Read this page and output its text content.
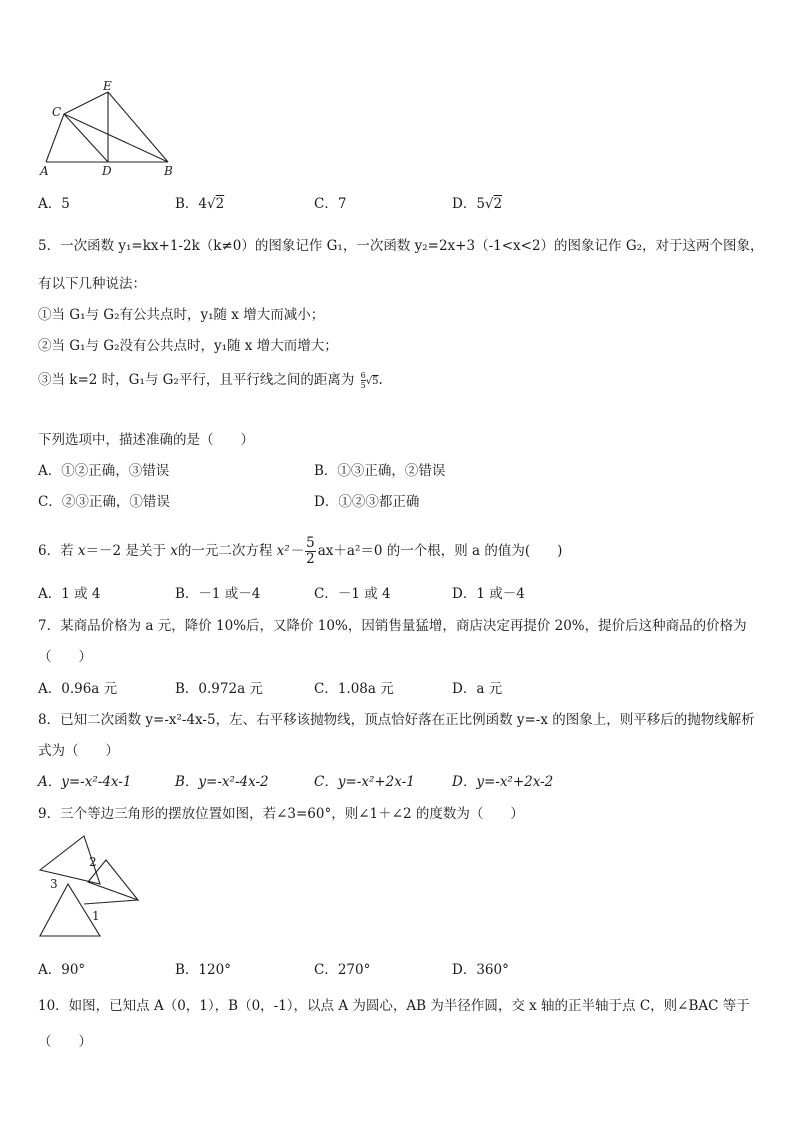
E
C
A	D	B
A．5	B．4√2	C．7	D．5√2
5．一次函数 y₁=kx+1-2k（k≠0）的图象记作 G₁，一次函数 y₂=2x+3（-1<x<2）的图象记作 G₂，对于这两个图象，
有以下几种说法：
①当 G₁与 G₂有公共点时，y₁随 x 增大而减小；
②当 G₁与 G₂没有公共点时，y₁随 x 增大而增大；
③当 k=2 时，G₁与 G₂平行，且平行线之间的距离为 $\frac{6}{5} √5$.
下列选项中，描述准确的是（　　）
A．①②正确，③错误	B．①③正确，②错误
C．②③正确，①错误	D．①②③都正确
6．若 x＝－2 是关于 x的一元二次方程 $x^2- \frac{5}{2} ax+a^2=0$ 的一个根，则 a 的值为(　　)
A．1 或 4	B．－1 或－4	C．－1 或 4	D．1 或－4
7．某商品价格为 a 元，降价 10%后，又降价 10%，因销售量猛增，商店决定再提价 20%，提价后这种商品的价格为
（　　）
A．0.96a 元	B．0.972a 元	C．1.08a 元	D．a 元
8．已知二次函数 y=-x²-4x-5，左、右平移该抛物线，顶点恰好落在正比例函数 y=-x 的图象上，则平移后的抛物线解析
式为（　　）
A．y=-x²-4x-1	B．y=-x²-4x-2	C．y=-x²+2x-1	D．y=-x²+2x-2
9．三个等边三角形的摆放位置如图，若∠3=60°，则∠1＋∠2 的度数为（　　）
2
3
1
A．90°	B．120°	C．270°	D．360°
10．如图，已知点 A（0，1），B（0，-1），以点 A 为圆心，AB 为半径作圆，交 x 轴的正半轴于点 C，则∠BAC 等于
（　　）
